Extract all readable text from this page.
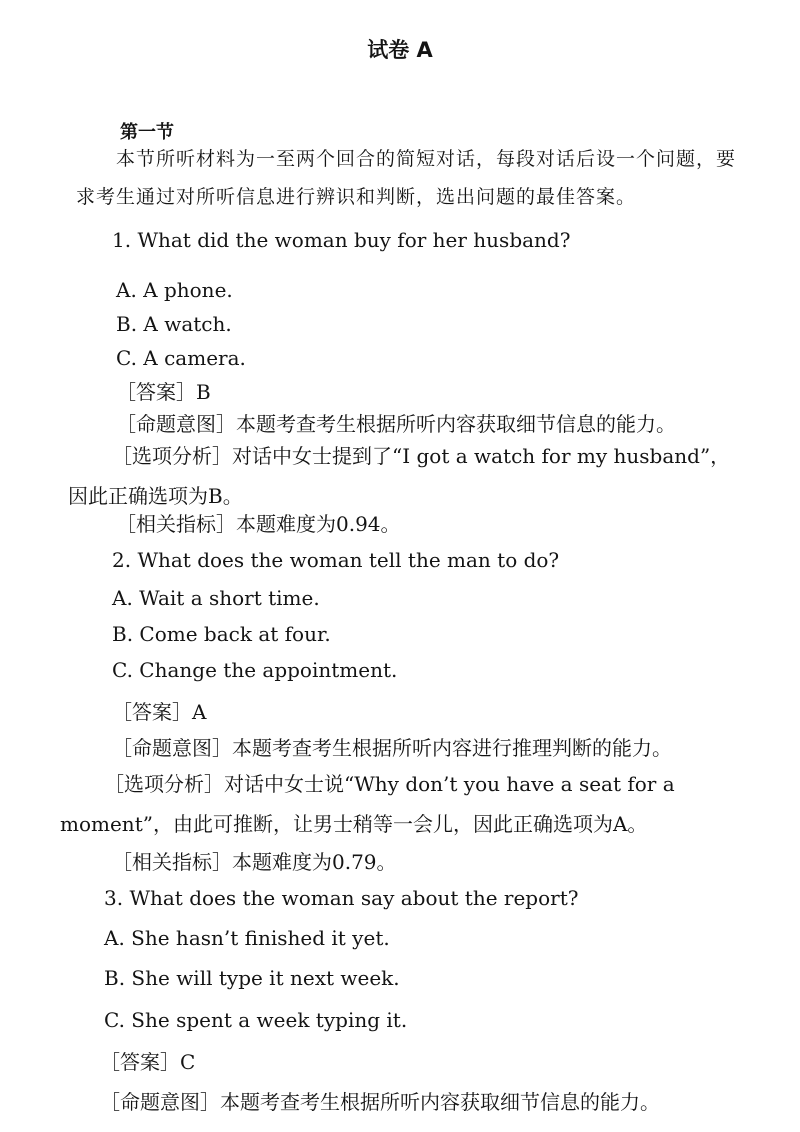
试卷 A
第一节
本节所听材料为一至两个回合的简短对话，每段对话后设一个问题，要求考生通过对所听信息进行辨识和判断，选出问题的最佳答案。
1. What did the woman buy for her husband?
A. A phone.
B. A watch.
C. A camera.
［答案］B
［命题意图］本题考查考生根据所听内容获取细节信息的能力。
［选项分析］对话中女士提到了“I got a watch for my husband”，因此正确选项为B。
［相关指标］本题难度为0.94。
2. What does the woman tell the man to do?
A. Wait a short time.
B. Come back at four.
C. Change the appointment.
［答案］A
［命题意图］本题考查考生根据所听内容进行推理判断的能力。
［选项分析］对话中女士说“Why don’t you have a seat for a moment”，由此可推断，让男士稍等一会儿，因此正确选项为A。
［相关指标］本题难度为0.79。
3. What does the woman say about the report?
A. She hasn’t finished it yet.
B. She will type it next week.
C. She spent a week typing it.
［答案］C
［命题意图］本题考查考生根据所听内容获取细节信息的能力。
